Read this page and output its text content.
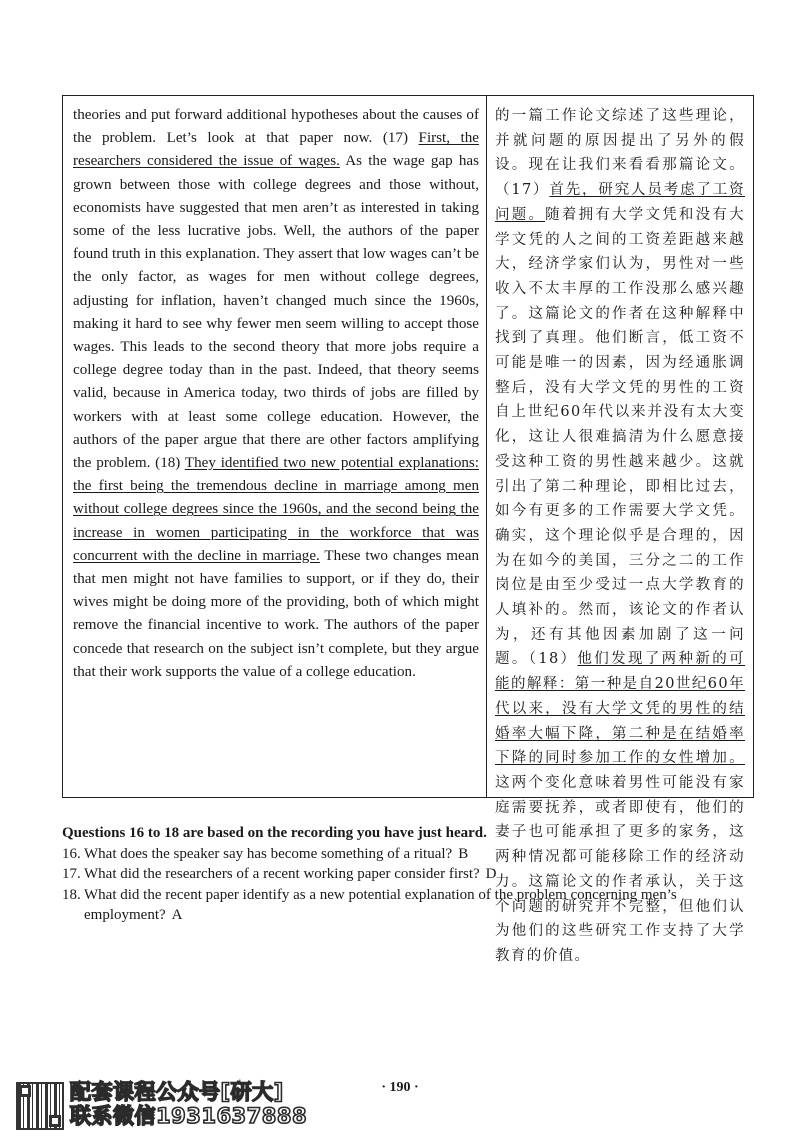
theories and put forward additional hypotheses about the causes of the problem. Let’s look at that paper now. (17) First, the researchers considered the issue of wages. As the wage gap has grown between those with college degrees and those without, economists have suggested that men aren’t as interested in taking some of the less lucrative jobs. Well, the authors of the paper found truth in this explanation. They assert that low wages can’t be the only factor, as wages for men without college degrees, adjusting for inflation, haven’t changed much since the 1960s, making it hard to see why fewer men seem willing to accept those wages. This leads to the second theory that more jobs require a college degree today than in the past. Indeed, that theory seems valid, because in America today, two thirds of jobs are filled by workers with at least some college education. However, the authors of the paper argue that there are other factors amplifying the problem. (18) They identified two new potential explanations: the first being the tremendous decline in marriage among men without college degrees since the 1960s, and the second being the increase in women participating in the workforce that was concurrent with the decline in marriage. These two changes mean that men might not have families to support, or if they do, their wives might be doing more of the providing, both of which might remove the financial incentive to work. The authors of the paper concede that research on the subject isn’t complete, but they argue that their work supports the value of a college education.
的一篇工作论文综述了这些理论，并就问题的原因提出了另外的假设。现在让我们来看看那篇论文。（17）首先，研究人员考虑了工资问题。随着拥有大学文凭和没有大学文凭的人之间的工资差距越来越大，经济学家们认为，男性对一些收入不太丰厚的工作没那么感兴趣了。这篇论文的作者在这种解释中找到了真理。他们断言，低工资不可能是唯一的因素，因为经通胀调整后，没有大学文凭的男性的工资自上世纪60年代以来并没有太大变化，这让人很难搞清为什么愿意接受这种工资的男性越来越少。这就引出了第二种理论，即相比过去，如今有更多的工作需要大学文凭。确实，这个理论似乎是合理的，因为在如今的美国，三分之二的工作岗位是由至少受过一点大学教育的人填补的。然而，该论文的作者认为，还有其他因素加剧了这一问题。（18）他们发现了两种新的可能的解释：第一种是自20世纪60年代以来，没有大学文凭的男性的结婚率大幅下降，第二种是在结婚率下降的同时参加工作的女性增加。这两个变化意味着男性可能没有家庭需要抚养，或者即使有，他们的妻子也可能承担了更多的家务，这两种情况都可能移除工作的经济动力。这篇论文的作者承认，关于这个问题的研究并不完整，但他们认为他们的这些研究工作支持了大学教育的价值。
Questions 16 to 18 are based on the recording you have just heard.
16. What does the speaker say has become something of a ritual? B
17. What did the researchers of a recent working paper consider first? D
18. What did the recent paper identify as a new potential explanation of the problem concerning men’s employment? A
配套课程公众号[研大]
联系微信1931637888
· 190 ·
